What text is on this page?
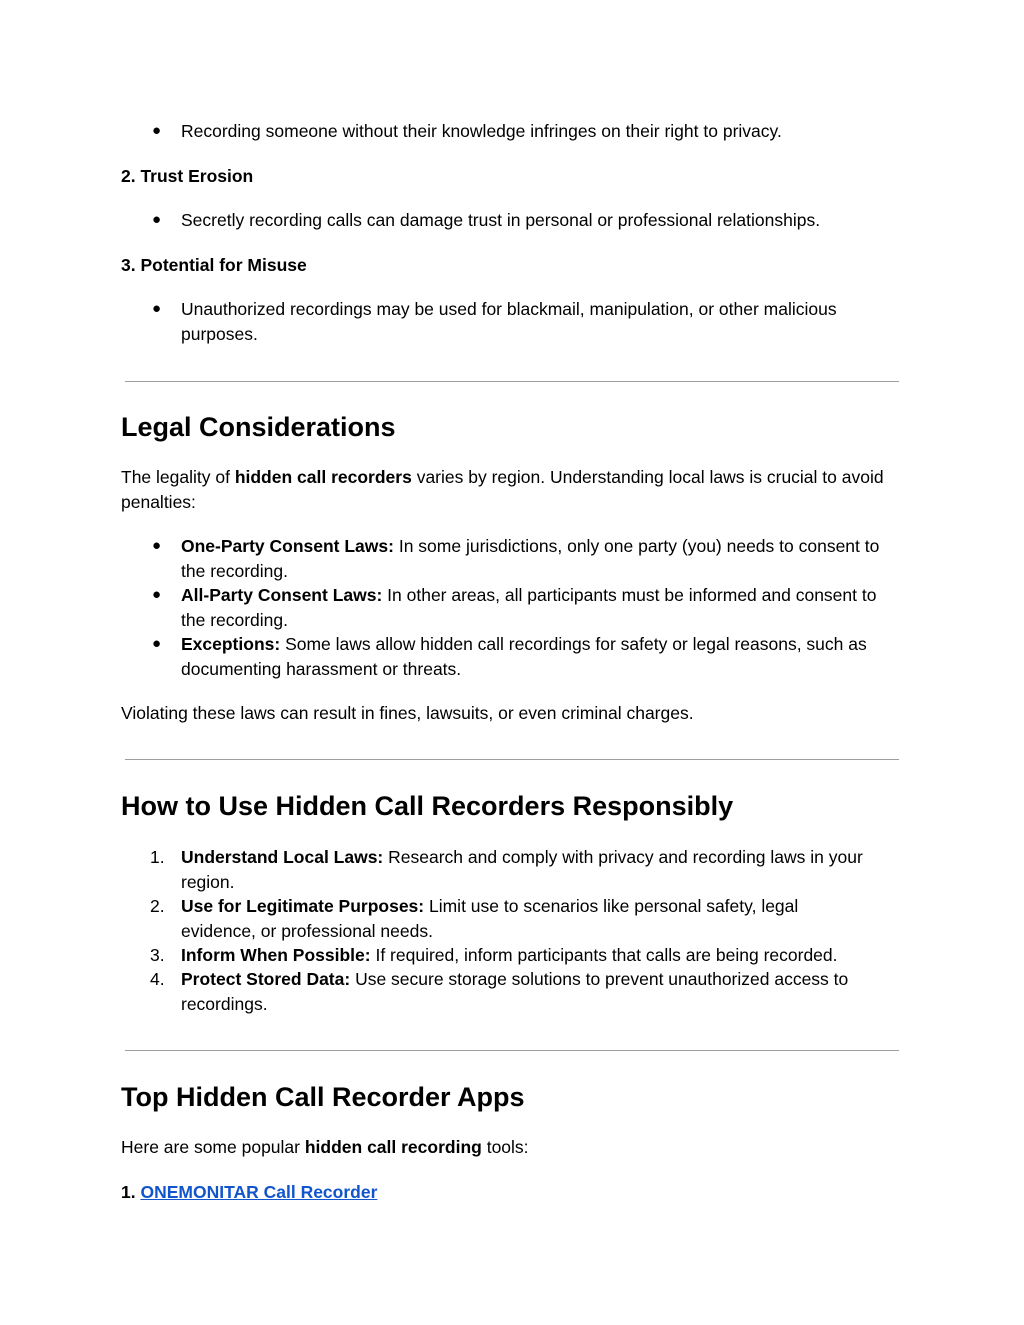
● Recording someone without their knowledge infringes on their right to privacy.
2. Trust Erosion
● Secretly recording calls can damage trust in personal or professional relationships.
3. Potential for Misuse
● Unauthorized recordings may be used for blackmail, manipulation, or other malicious purposes.
Legal Considerations
The legality of hidden call recorders varies by region. Understanding local laws is crucial to avoid penalties:
● One-Party Consent Laws: In some jurisdictions, only one party (you) needs to consent to the recording.
● All-Party Consent Laws: In other areas, all participants must be informed and consent to the recording.
● Exceptions: Some laws allow hidden call recordings for safety or legal reasons, such as documenting harassment or threats.
Violating these laws can result in fines, lawsuits, or even criminal charges.
How to Use Hidden Call Recorders Responsibly
1. Understand Local Laws: Research and comply with privacy and recording laws in your region.
2. Use for Legitimate Purposes: Limit use to scenarios like personal safety, legal evidence, or professional needs.
3. Inform When Possible: If required, inform participants that calls are being recorded.
4. Protect Stored Data: Use secure storage solutions to prevent unauthorized access to recordings.
Top Hidden Call Recorder Apps
Here are some popular hidden call recording tools:
1. ONEMONITAR Call Recorder
